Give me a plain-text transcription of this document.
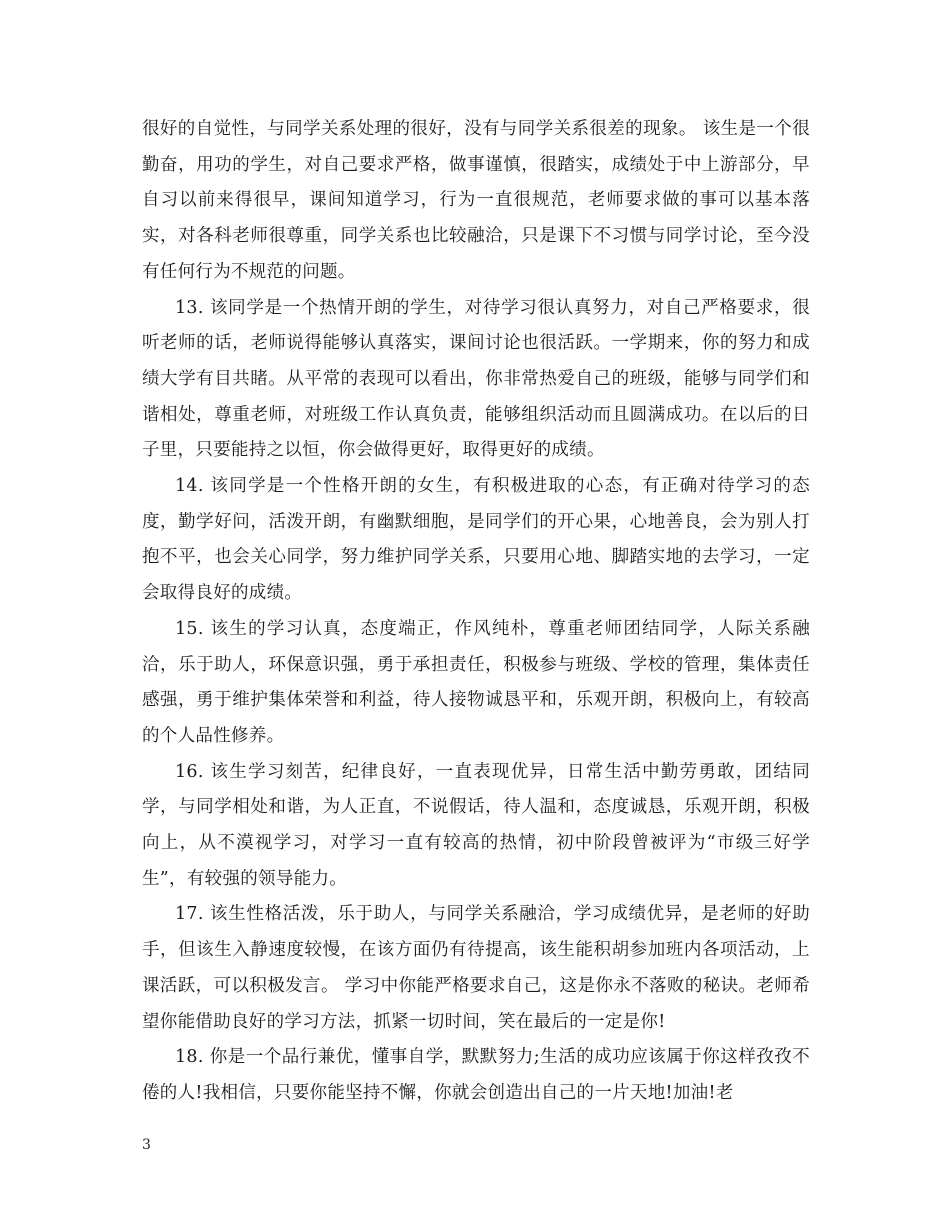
很好的自觉性，与同学关系处理的很好，没有与同学关系很差的现象。 该生是一个很勤奋，用功的学生，对自己要求严格，做事谨慎，很踏实，成绩处于中上游部分，早自习以前来得很早，课间知道学习，行为一直很规范，老师要求做的事可以基本落实，对各科老师很尊重，同学关系也比较融洽，只是课下不习惯与同学讨论，至今没有任何行为不规范的问题。

13. 该同学是一个热情开朗的学生，对待学习很认真努力，对自己严格要求，很听老师的话，老师说得能够认真落实，课间讨论也很活跃。一学期来，你的努力和成绩大学有目共睹。从平常的表现可以看出，你非常热爱自己的班级，能够与同学们和谐相处，尊重老师，对班级工作认真负责，能够组织活动而且圆满成功。在以后的日子里，只要能持之以恒，你会做得更好，取得更好的成绩。

14. 该同学是一个性格开朗的女生，有积极进取的心态，有正确对待学习的态度，勤学好问，活泼开朗，有幽默细胞，是同学们的开心果，心地善良，会为别人打抱不平，也会关心同学，努力维护同学关系，只要用心地、脚踏实地的去学习，一定会取得良好的成绩。

15. 该生的学习认真，态度端正，作风纯朴，尊重老师团结同学，人际关系融洽，乐于助人，环保意识强，勇于承担责任，积极参与班级、学校的管理，集体责任感强，勇于维护集体荣誉和利益，待人接物诚恳平和，乐观开朗，积极向上，有较高的个人品性修养。

16. 该生学习刻苦，纪律良好，一直表现优异，日常生活中勤劳勇敢，团结同学，与同学相处和谐，为人正直，不说假话，待人温和，态度诚恳，乐观开朗，积极向上，从不漠视学习，对学习一直有较高的热情，初中阶段曾被评为“市级三好学生”，有较强的领导能力。

17. 该生性格活泼，乐于助人，与同学关系融洽，学习成绩优异，是老师的好助手，但该生入静速度较慢，在该方面仍有待提高，该生能积胡参加班内各项活动，上课活跃，可以积极发言。 学习中你能严格要求自己，这是你永不落败的秘诀。老师希望你能借助良好的学习方法，抓紧一切时间，笑在最后的一定是你!

18. 你是一个品行兼优，懂事自学，默默努力;生活的成功应该属于你这样孜孜不倦的人!我相信，只要你能坚持不懈，你就会创造出自己的一片天地!加油!老

3
